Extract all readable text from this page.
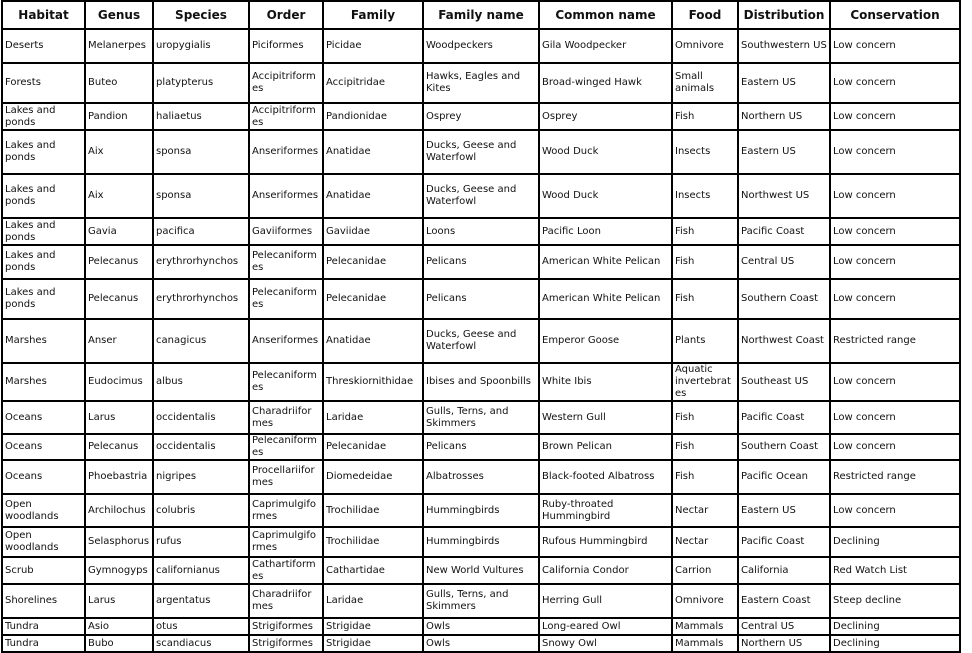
Habitat	Genus	Species	Order	Family	Family name	Common name	Food	Distribution	Conservation
Deserts	Melanerpes	uropygialis	Piciformes	Picidae	Woodpeckers	Gila Woodpecker	Omnivore	Southwestern US	Low concern
Forests	Buteo	platypterus	Accipitriformes	Accipitridae	Hawks, Eagles and Kites	Broad-winged Hawk	Small animals	Eastern US	Low concern
Lakes and ponds	Pandion	haliaetus	Accipitriformes	Pandionidae	Osprey	Osprey	Fish	Northern US	Low concern
Lakes and ponds	Aix	sponsa	Anseriformes	Anatidae	Ducks, Geese and Waterfowl	Wood Duck	Insects	Eastern US	Low concern
Lakes and ponds	Aix	sponsa	Anseriformes	Anatidae	Ducks, Geese and Waterfowl	Wood Duck	Insects	Northwest US	Low concern
Lakes and ponds	Gavia	pacifica	Gaviiformes	Gaviidae	Loons	Pacific Loon	Fish	Pacific Coast	Low concern
Lakes and ponds	Pelecanus	erythrorhynchos	Pelecaniformes	Pelecanidae	Pelicans	American White Pelican	Fish	Central US	Low concern
Lakes and ponds	Pelecanus	erythrorhynchos	Pelecaniformes	Pelecanidae	Pelicans	American White Pelican	Fish	Southern Coast	Low concern
Marshes	Anser	canagicus	Anseriformes	Anatidae	Ducks, Geese and Waterfowl	Emperor Goose	Plants	Northwest Coast	Restricted range
Marshes	Eudocimus	albus	Pelecaniformes	Threskiornithidae	Ibises and Spoonbills	White Ibis	Aquatic invertebrates	Southeast US	Low concern
Oceans	Larus	occidentalis	Charadriiformes	Laridae	Gulls, Terns, and Skimmers	Western Gull	Fish	Pacific Coast	Low concern
Oceans	Pelecanus	occidentalis	Pelecaniformes	Pelecanidae	Pelicans	Brown Pelican	Fish	Southern Coast	Low concern
Oceans	Phoebastria	nigripes	Procellariiformes	Diomedeidae	Albatrosses	Black-footed Albatross	Fish	Pacific Ocean	Restricted range
Open woodlands	Archilochus	colubris	Caprimulgiformes	Trochilidae	Hummingbirds	Ruby-throated Hummingbird	Nectar	Eastern US	Low concern
Open woodlands	Selasphorus	rufus	Caprimulgiformes	Trochilidae	Hummingbirds	Rufous Hummingbird	Nectar	Pacific Coast	Declining
Scrub	Gymnogyps	californianus	Cathartiformes	Cathartidae	New World Vultures	California Condor	Carrion	California	Red Watch List
Shorelines	Larus	argentatus	Charadriiformes	Laridae	Gulls, Terns, and Skimmers	Herring Gull	Omnivore	Eastern Coast	Steep decline
Tundra	Asio	otus	Strigiformes	Strigidae	Owls	Long-eared Owl	Mammals	Central US	Declining
Tundra	Bubo	scandiacus	Strigiformes	Strigidae	Owls	Snowy Owl	Mammals	Northern US	Declining
